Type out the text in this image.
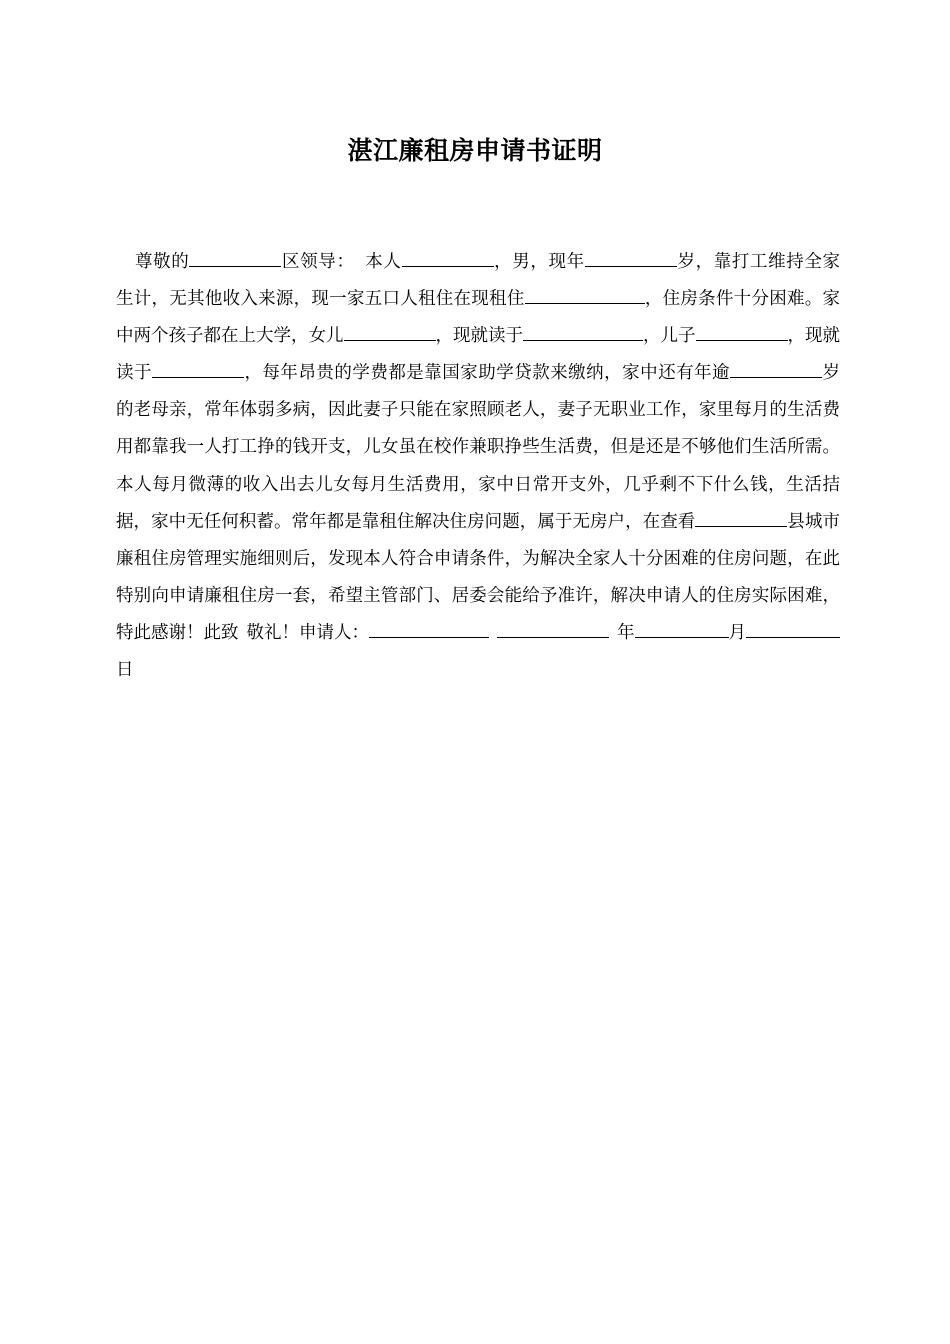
湛江廉租房申请书证明

尊敬的	区领导： 本人	，男，现年	岁，靠打工维持全家生计，无其他收入来源，现一家五口人租住在现租住	，住房条件十分困难。家中两个孩子都在上大学，女儿	，现就读于	，儿子	，现就读于	，每年昂贵的学费都是靠国家助学贷款来缴纳，家中还有年逾	岁的老母亲，常年体弱多病，因此妻子只能在家照顾老人，妻子无职业工作，家里每月的生活费用都靠我一人打工挣的钱开支，儿女虽在校作兼职挣些生活费，但是还是不够他们生活所需。本人每月微薄的收入出去儿女每月生活费用，家中日常开支外，几乎剩不下什么钱，生活拮据，家中无任何积蓄。常年都是靠租住解决住房问题，属于无房户，在查看	县城市廉租住房管理实施细则后，发现本人符合申请条件，为解决全家人十分困难的住房问题，在此特别向申请廉租住房一套，希望主管部门、居委会能给予准许，解决申请人的住房实际困难，特此感谢！此致 敬礼！申请人：	年	月日
